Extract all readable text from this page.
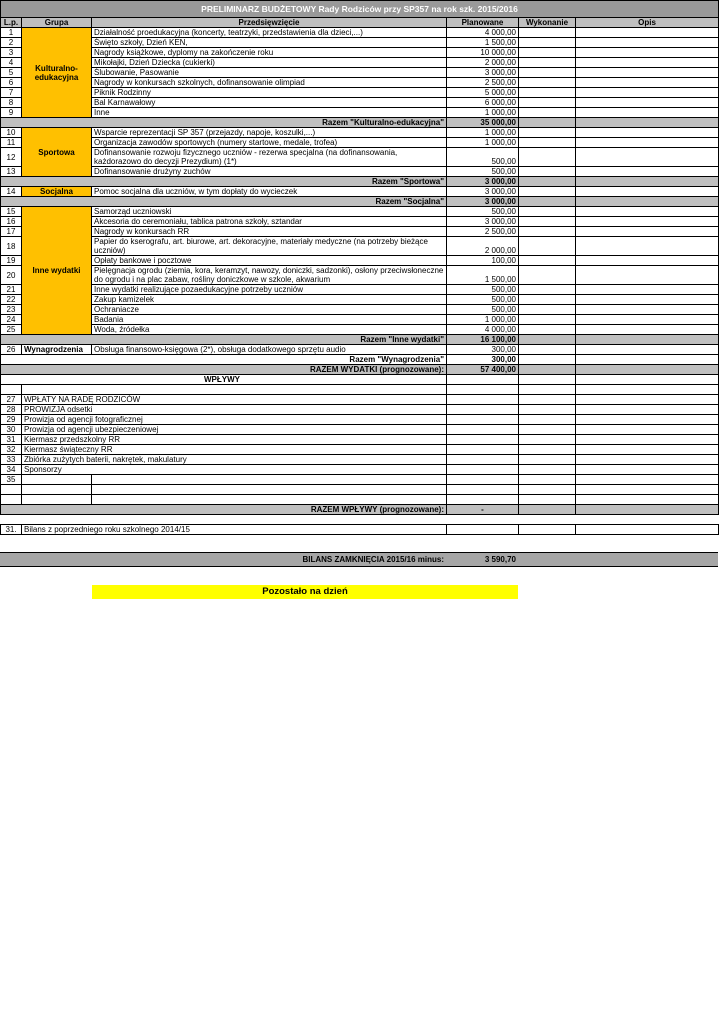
PRELIMINARZ BUDŻETOWY Rady Rodziców przy SP357 na rok szk. 2015/2016					
L.p.	Grupa	Przedsięwzięcie	Planowane	Wykonanie	Opis
1	Kulturalno-edukacyjna	Działalność proedukacyjna (koncerty, teatrzyki, przedstawienia dla dzieci,...)	4 000,00		
2		Święto szkoły, Dzień KEN,	1 500,00		
3		Nagrody książkowe, dyplomy na zakończenie roku	10 000,00		
4		Mikołajki, Dzień Dziecka (cukierki)	2 000,00		
5		Ślubowanie, Pasowanie	3 000,00		
6		Nagrody w konkursach szkolnych, dofinansowanie olimpiad	2 500,00		
7		Piknik Rodzinny	5 000,00		
8		Bal Karnawałowy	6 000,00		
9		Inne	1 000,00		
Razem "Kulturalno-edukacyjna"			35 000,00		
10	Sportowa	Wsparcie reprezentacji SP 357 (przejazdy, napoje, koszulki,...)	1 000,00		
11		Organizacja zawodów sportowych (numery startowe, medale, trofea)	1 000,00		
12		Dofinansowanie rozwoju fizycznego uczniów - rezerwa specjalna (na dofinansowania, każdorazowo do decyzji Prezydium) (1*)	500,00		
13		Dofinansowanie drużyny zuchów	500,00		
Razem "Sportowa"			3 000,00		
14	Socjalna	Pomoc socjalna dla uczniów, w tym dopłaty do wycieczek	3 000,00		
Razem "Socjalna"			3 000,00		
15	Inne wydatki	Samorząd uczniowski	500,00		
16		Akcesoria do ceremoniału, tablica patrona szkoły, sztandar	3 000,00		
17		Nagrody w konkursach RR	2 500,00		
18		Papier do kserografu, art. biurowe, art. dekoracyjne, materiały medyczne (na potrzeby bieżące uczniów)	2 000,00		
19		Opłaty bankowe i pocztowe	100,00		
20		Pielęgnacja ogrodu (ziemia, kora, keramzyt, nawozy, doniczki, sadzonki), osłony przeciwsłoneczne do ogrodu i na plac zabaw, rośliny doniczkowe w szkole, akwarium	1 500,00		
21		Inne wydatki realizujące pozaedukacyjne potrzeby uczniów	500,00		
22		Zakup kamizelek	500,00		
23		Ochraniacze	500,00		
24		Badania	1 000,00		
25		Woda, źródełka	4 000,00		
Razem "Inne wydatki"			16 100,00		
26	Wynagrodzenia	Obsługa finansowo-księgowa (2*), obsługa dodatkowego sprzętu audio	300,00		
Razem "Wynagrodzenia"			300,00		
RAZEM WYDATKI (prognozowane):			57 400,00		
WPŁYWY					

27	WPŁATY NA RADĘ RODZICÓW				
28	PROWIZJA odsetki				
29	Prowizja od agencji fotograficznej				
30	Prowizja od agencji ubezpieczeniowej				
31	Kiermasz przedszkolny RR				
32	Kiermasz świąteczny RR				
33	Zbiórka zużytych baterii, nakrętek, makulatury				
34	Sponsorzy				
35					

RAZEM WPŁYWY (prognozowane):			-		

31.	Bilans z poprzedniego roku szkolnego 2014/15				
BILANS ZAMKNIĘCIA 2015/16 minus:	3 590,70
Pozostało na dzień
